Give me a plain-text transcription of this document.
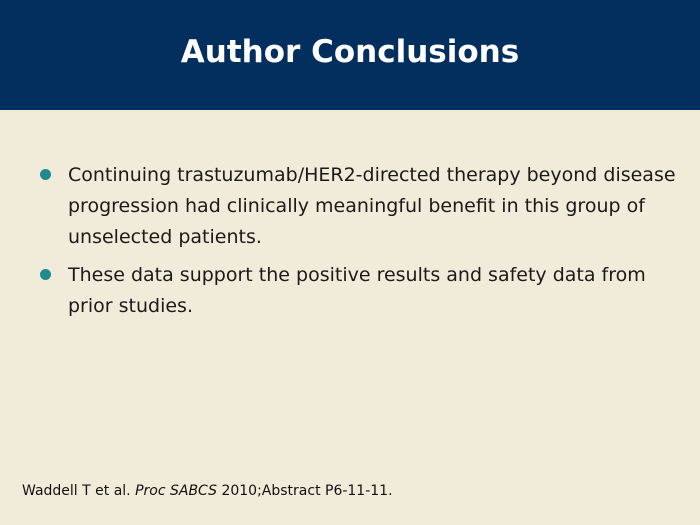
Author Conclusions
Continuing trastuzumab/HER2-directed therapy beyond disease progression had clinically meaningful benefit in this group of unselected patients.
These data support the positive results and safety data from prior studies.
Waddell T et al. Proc SABCS 2010;Abstract P6-11-11.
